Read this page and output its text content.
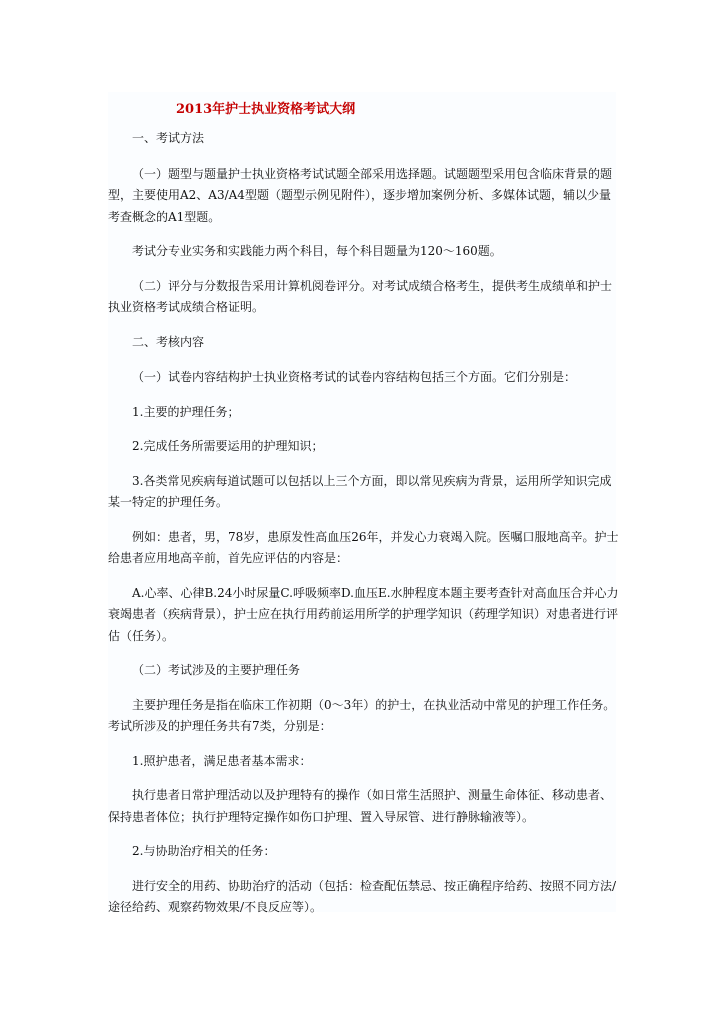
2013年护士执业资格考试大纲

一、考试方法

（一）题型与题量护士执业资格考试试题全部采用选择题。试题题型采用包含临床背景的题型，主要使用A2、A3/A4型题（题型示例见附件），逐步增加案例分析、多媒体试题，辅以少量考查概念的A1型题。

考试分专业实务和实践能力两个科目，每个科目题量为120～160题。

（二）评分与分数报告采用计算机阅卷评分。对考试成绩合格考生，提供考生成绩单和护士执业资格考试成绩合格证明。

二、考核内容

（一）试卷内容结构护士执业资格考试的试卷内容结构包括三个方面。它们分别是：

1.主要的护理任务；

2.完成任务所需要运用的护理知识；

3.各类常见疾病每道试题可以包括以上三个方面，即以常见疾病为背景，运用所学知识完成某一特定的护理任务。

例如：患者，男，78岁，患原发性高血压26年，并发心力衰竭入院。医嘱口服地高辛。护士给患者应用地高辛前，首先应评估的内容是：

A.心率、心律B.24小时尿量C.呼吸频率D.血压E.水肿程度本题主要考查针对高血压合并心力衰竭患者（疾病背景），护士应在执行用药前运用所学的护理学知识（药理学知识）对患者进行评估（任务）。

（二）考试涉及的主要护理任务

主要护理任务是指在临床工作初期（0～3年）的护士，在执业活动中常见的护理工作任务。考试所涉及的护理任务共有7类，分别是：

1.照护患者，满足患者基本需求：

执行患者日常护理活动以及护理特有的操作（如日常生活照护、测量生命体征、移动患者、保持患者体位；执行护理特定操作如伤口护理、置入导尿管、进行静脉输液等）。

2.与协助治疗相关的任务：

进行安全的用药、协助治疗的活动（包括：检查配伍禁忌、按正确程序给药、按照不同方法/途径给药、观察药物效果/不良反应等）。
